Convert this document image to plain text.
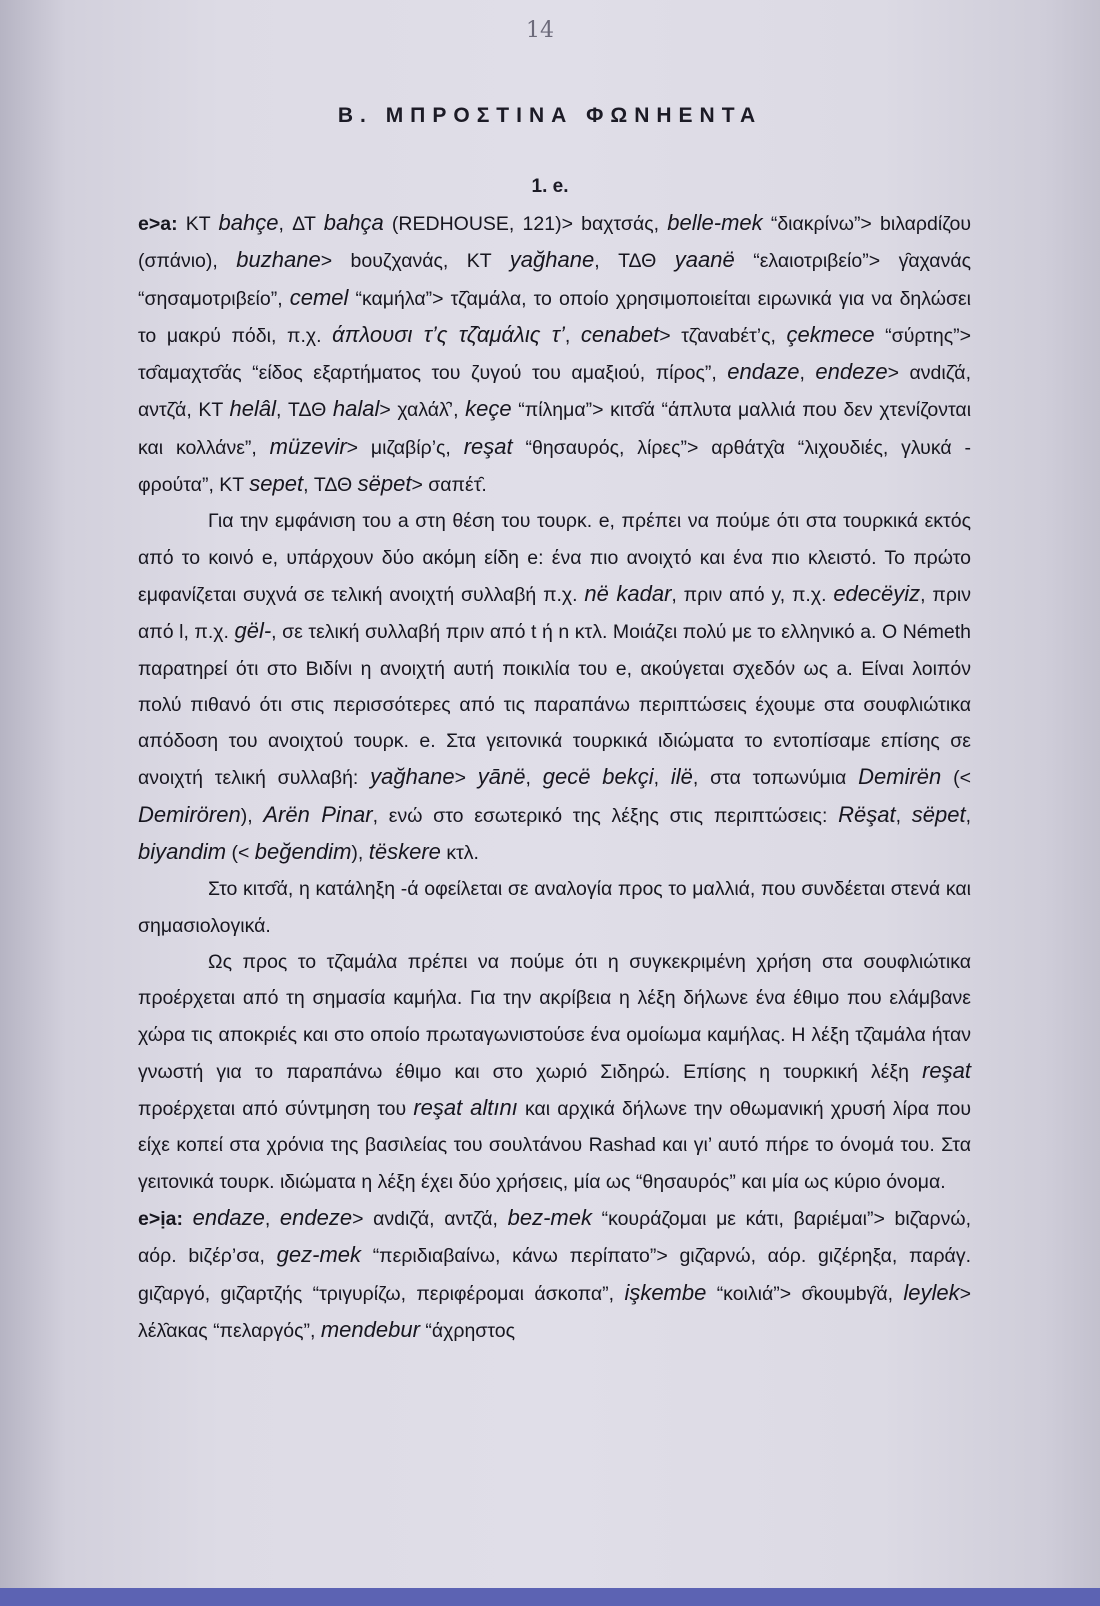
14
Β. ΜΠΡΟΣΤΙΝΑ ΦΩΝΗΕΝΤΑ
1. e.

e>a: ΚΤ bahçe, ΔΤ bahça (REDHOUSE, 121)> bαχτσάς, belle-mek “διακρίνω”> bιλαρdίζου (σπάνιο), buzhane> bουζχανάς, ΚΤ yağhane, ΤΔΘ yaanë “ελαιοτριβείο”> γ̑αχανάς “σησαμοτριβείο”, cemel “καμήλα”> τζ̑αμάλα, το οποίο χρησιμοποιείται ειρωνικά για να δηλώσει το μακρύ πόδι, π.χ. άπλουσι τ’ς τζ̑αμάλις τ’, cenabet> τζ̑αναbέτ’ς, çekmece “σύρτης”> τσ̑αμαχτσ̑άς “είδος εξαρτήματος του ζυγού του αμαξιού, πίρος”, endaze, endeze> ανdιζ̑ά, αντζ̑ά, ΚΤ helâl, ΤΔΘ halal> χαλάλ̑’, keçe “πίλημα”> κιτσ̑ά “άπλυτα μαλλιά που δεν χτενίζονται και κολλάνε”, müzevir> μιζαβίρ’ς, reşat “θησαυρός, λίρες”> αρθάτχ̑α “λιχουδιές, γλυκά - φρούτα”, ΚΤ sepet, ΤΔΘ sëpet> σαπέτ̑.

Για την εμφάνιση του a στη θέση του τουρκ. e, πρέπει να πούμε ότι στα τουρκικά εκτός από το κοινό e, υπάρχουν δύο ακόμη είδη e: ένα πιο ανοιχτό και ένα πιο κλειστό. Το πρώτο εμφανίζεται συχνά σε τελική ανοιχτή συλλαβή π.χ. në kadar, πριν από y, π.χ. edecëyiz, πριν από l, π.χ. gël-, σε τελική συλλαβή πριν από t ή n κτλ. Μοιάζει πολύ με το ελληνικό a. Ο Németh παρατηρεί ότι στο Βιδίνι η ανοιχτή αυτή ποικιλία του e, ακούγεται σχεδόν ως a. Είναι λοιπόν πολύ πιθανό ότι στις περισσότερες από τις παραπάνω περιπτώσεις έχουμε στα σουφλιώτικα απόδοση του ανοιχτού τουρκ. e. Στα γειτονικά τουρκικά ιδιώματα το εντοπίσαμε επίσης σε ανοιχτή τελική συλλαβή: yağhane> yānë, gecë bekçi, ilë, στα τοπωνύμια Demirën (< Demirören), Arën Pinar, ενώ στο εσωτερικό της λέξης στις περιπτώσεις: Rëşat, sëpet, biyandim (< beğendim), tëskere κτλ.

Στο κιτσ̑ά, η κατάληξη -ά οφείλεται σε αναλογία προς το μαλλιά, που συνδέεται στενά και σημασιολογικά.

Ως προς το τζ̑αμάλα πρέπει να πούμε ότι η συγκεκριμένη χρήση στα σουφλιώτικα προέρχεται από τη σημασία καμήλα. Για την ακρίβεια η λέξη δήλωνε ένα έθιμο που ελάμβανε χώρα τις αποκριές και στο οποίο πρωταγωνιστούσε ένα ομοίωμα καμήλας. Η λέξη τζ̑αμάλα ήταν γνωστή για το παραπάνω έθιμο και στο χωριό Σιδηρώ. Επίσης η τουρκική λέξη reşat προέρχεται από σύντμηση του reşat altını και αρχικά δήλωνε την οθωμανική χρυσή λίρα που είχε κοπεί στα χρόνια της βασιλείας του σουλτάνου Rashad και γι’ αυτό πήρε το όνομά του. Στα γειτονικά τουρκ. ιδιώματα η λέξη έχει δύο χρήσεις, μία ως “θησαυρός” και μία ως κύριο όνομα.

e>ịa: endaze, endeze> ανdιζ̑ά, αντζ̑ά, bez-mek “κουράζομαι με κάτι, βαριέμαι”> bιζ̑αρνώ, αόρ. bιζέρ’σα, gez-mek “περιδιαβαίνω, κάνω περίπατο”> gιζ̑αρνώ, αόρ. gιζέρηξα, παράγ. gιζ̑αργό, gιζ̑αρτζής “τριγυρίζω, περιφέρομαι άσκοπα”, işkembe “κοιλιά”> σ̑κουμbγ̑ά, leylek> λέλ̑ακας “πελαργός”, mendebur “άχρηστος
